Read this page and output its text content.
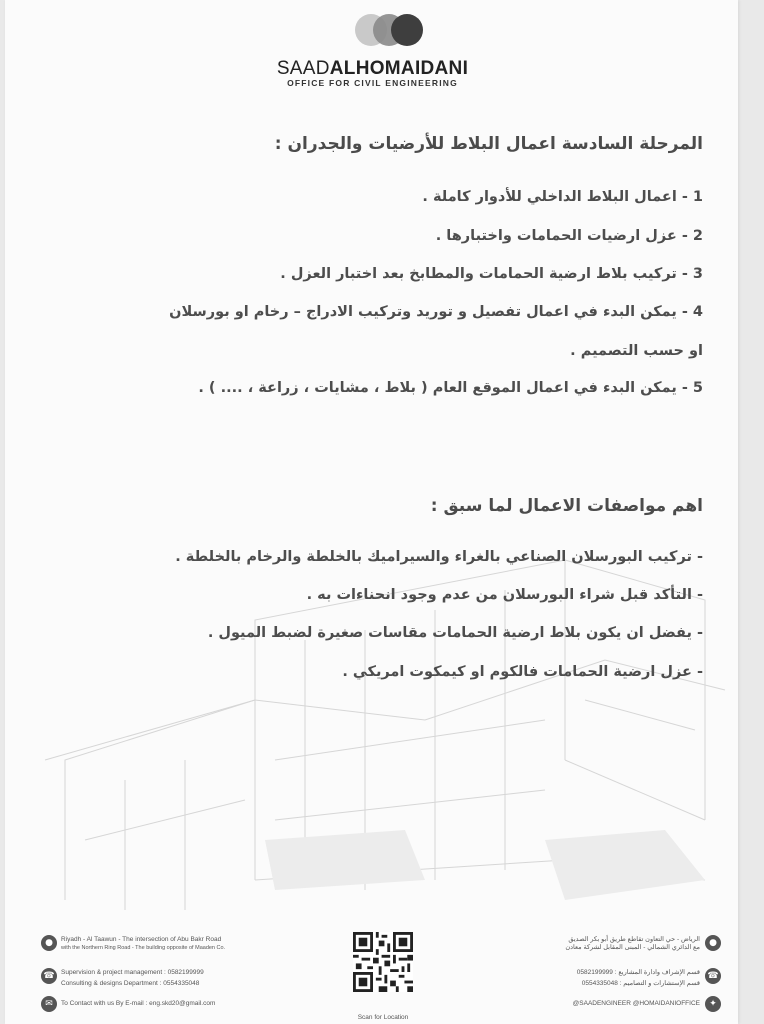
SAADALHOMAIDANI
OFFICE FOR CIVIL ENGINEERING
المرحلة السادسة اعمال البلاط للأرضيات والجدران :
1 - اعمال البلاط الداخلي للأدوار كاملة .
2 - عزل ارضيات الحمامات واختبارها .
3 - تركيب بلاط ارضية الحمامات والمطابخ بعد اختبار العزل .
4 - يمكن البدء في اعمال تفصيل و توريد وتركيب الادراج – رخام او بورسلان
او حسب التصميم .
5 - يمكن البدء في اعمال الموقع العام ( بلاط ، مشايات ، زراعة ، .... ) .
اهم مواصفات الاعمال لما سبق :
- تركيب البورسلان الصناعي بالغراء والسيراميك بالخلطة والرخام بالخلطة .
- التأكد قبل شراء البورسلان من عدم وجود انحناءات به .
- يفضل ان يكون بلاط ارضية الحمامات مقاسات صغيرة لضبط الميول .
- عزل ارضية الحمامات فالكوم او كيمكوت امريكي .
●	Riyadh - Al Taawun - The intersection of Abu Bakr Road
with the Northern Ring Road - The building opposite of Maaden Co.
☎ Supervision & project management : 0582199999
Consulting & designs Department : 0554335048
✉	To Contact with us By E-mail : eng.skd20@gmail.com
Scan for Location
●
الرياض - حي التعاون تقاطع طريق أبو بكر الصديق
مع الدائري الشمالي - المبنى المقابل لشركة معادن
☎
قسم الإشراف وادارة المشاريع : 0582199999
قسم الإستشارات و التصاميم : 0554335048
✦
@SAADENGINEER @HOMAIDANIOFFICE
